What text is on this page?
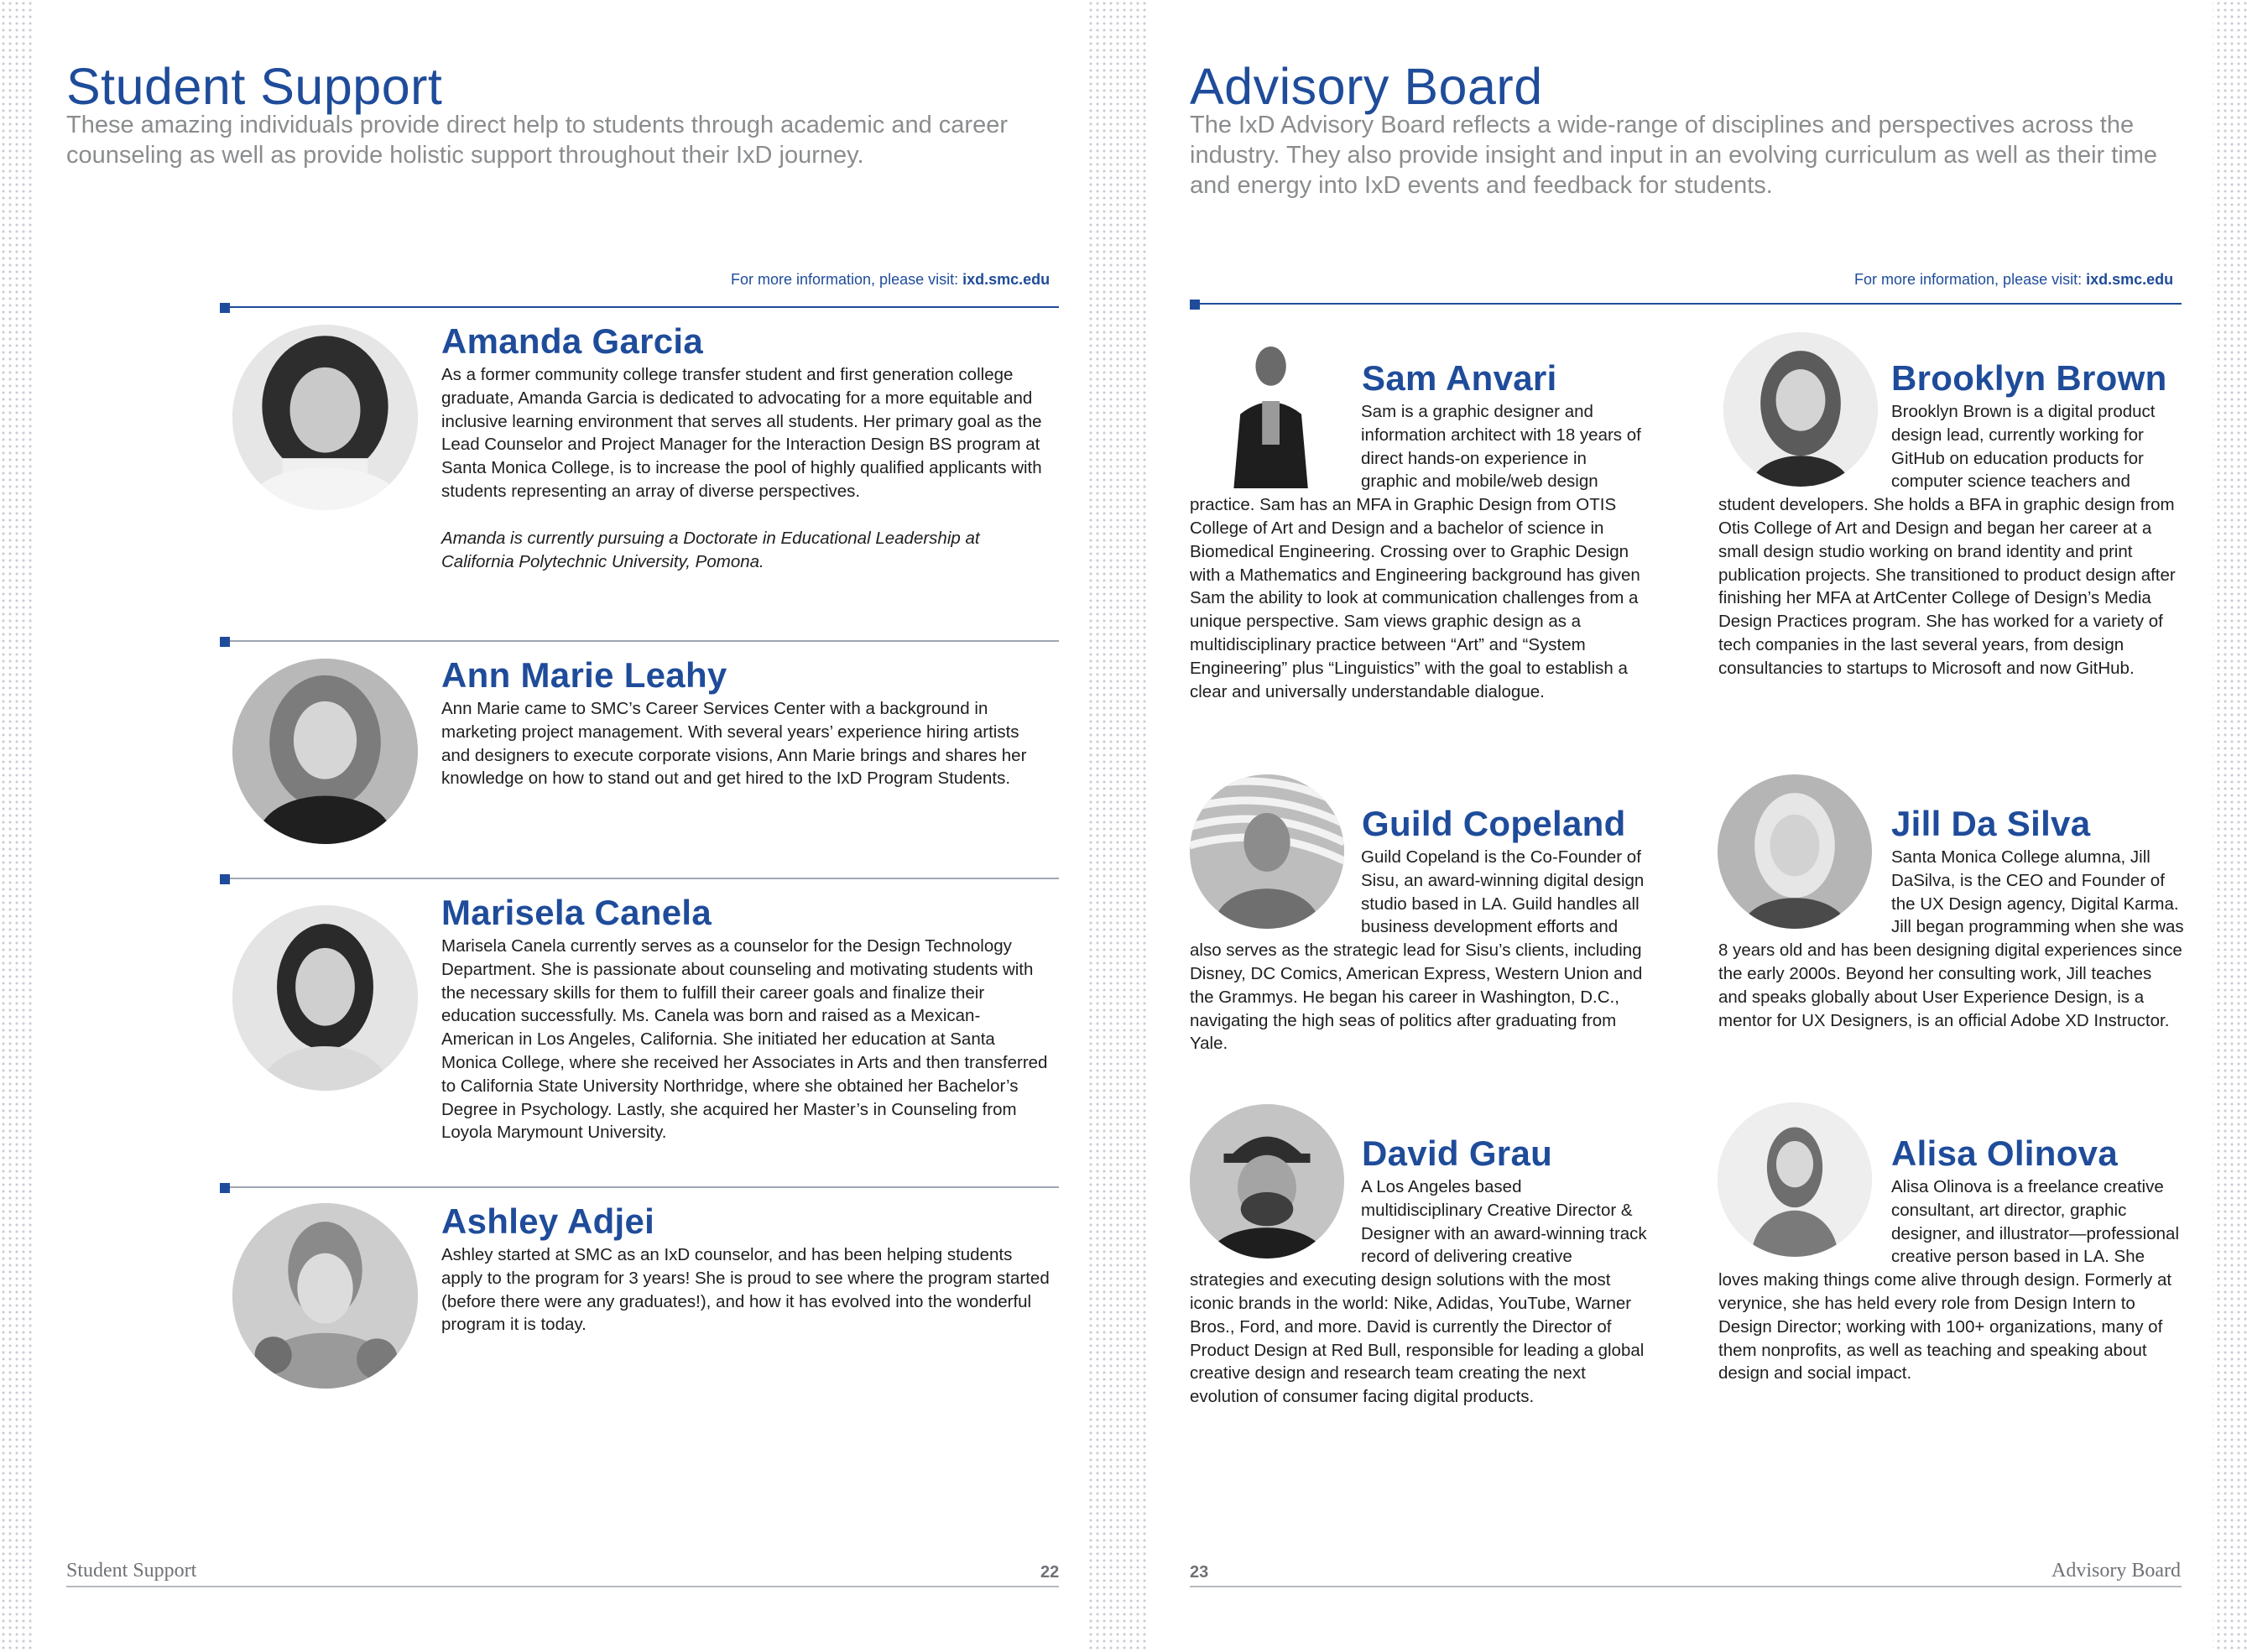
Student Support
These amazing individuals provide direct help to students through academic and career counseling as well as provide holistic support throughout their IxD journey.
For more information, please visit: ixd.smc.edu
Amanda Garcia

As a former community college transfer student and first generation college graduate, Amanda Garcia is dedicated to advocating for a more equitable and inclusive learning environment that serves all students. Her primary goal as the Lead Counselor and Project Manager for the Interaction Design BS program at Santa Monica College, is to increase the pool of highly qualified applicants with students representing an array of diverse perspectives.

Amanda is currently pursuing a Doctorate in Educational Leadership at California Polytechnic University, Pomona.

Ann Marie Leahy
Ann Marie came to SMC’s Career Services Center with a background in marketing project management. With several years’ experience hiring artists and designers to execute corporate visions, Ann Marie brings and shares her knowledge on how to stand out and get hired to the IxD Program Students.
Marisela Canela
Marisela Canela currently serves as a counselor for the Design Technology Department. She is passionate about counseling and motivating students with the necessary skills for them to fulfill their career goals and finalize their education successfully. Ms. Canela was born and raised as a Mexican-American in Los Angeles, California. She initiated her education at Santa Monica College, where she received her Associates in Arts and then transferred to California State University Northridge, where she obtained her Bachelor’s Degree in Psychology. Lastly, she acquired her Master’s in Counseling from Loyola Marymount University.
Ashley Adjei
Ashley started at SMC as an IxD counselor, and has been helping students apply to the program for 3 years! She is proud to see where the program started (before there were any graduates!), and how it has evolved into the wonderful program it is today.
Student Support	22
Advisory Board
The IxD Advisory Board reflects a wide-range of disciplines and perspectives across the industry. They also provide insight and input in an evolving curriculum as well as their time and energy into IxD events and feedback for students.
For more information, please visit: ixd.smc.edu
Sam Anvari
Sam is a graphic designer and information architect with 18 years of direct hands-on experience in graphic and mobile/web design practice. Sam has an MFA in Graphic Design from OTIS College of Art and Design and a bachelor of science in Biomedical Engineering. Crossing over to Graphic Design with a Mathematics and Engineering background has given Sam the ability to look at communication challenges from a unique perspective. Sam views graphic design as a multidisciplinary practice between “Art” and “System Engineering” plus “Linguistics” with the goal to establish a clear and universally understandable dialogue.
Brooklyn Brown
Brooklyn Brown is a digital product design lead, currently working for GitHub on education products for computer science teachers and student developers. She holds a BFA in graphic design from Otis College of Art and Design and began her career at a small design studio working on brand identity and print publication projects. She transitioned to product design after finishing her MFA at ArtCenter College of Design’s Media Design Practices program. She has worked for a variety of tech companies in the last several years, from design consultancies to startups to Microsoft and now GitHub.
Guild Copeland
Guild Copeland is the Co-Founder of Sisu, an award-winning digital design studio based in LA. Guild handles all business development efforts and also serves as the strategic lead for Sisu’s clients, including Disney, DC Comics, American Express, Western Union and the Grammys. He began his career in Washington, D.C., navigating the high seas of politics after graduating from Yale.
Jill Da Silva
Santa Monica College alumna, Jill DaSilva, is the CEO and Founder of the UX Design agency, Digital Karma. Jill began programming when she was 8 years old and has been designing digital experiences since the early 2000s. Beyond her consulting work, Jill teaches and speaks globally about User Experience Design, is a mentor for UX Designers, is an official Adobe XD Instructor.
David Grau
A Los Angeles based multidisciplinary Creative Director & Designer with an award-winning track record of delivering creative strategies and executing design solutions with the most iconic brands in the world: Nike, Adidas, YouTube, Warner Bros., Ford, and more. David is currently the Director of Product Design at Red Bull, responsible for leading a global creative design and research team creating the next evolution of consumer facing digital products.
Alisa Olinova
Alisa Olinova is a freelance creative consultant, art director, graphic designer, and illustrator—professional creative person based in LA. She loves making things come alive through design. Formerly at verynice, she has held every role from Design Intern to Design Director; working with 100+ organizations, many of them nonprofits, as well as teaching and speaking about design and social impact.
23	Advisory Board
